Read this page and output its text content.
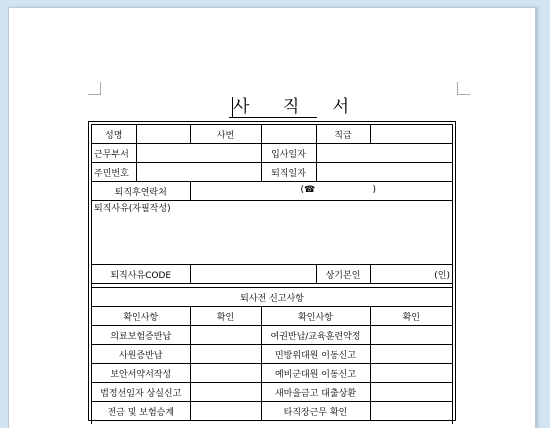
사 직 서
성명		사번		직급	
근무부서			입사일자		
주민번호			퇴직일자		
퇴직후연락처		(☎ )			

퇴직사유(자필작성)					
퇴직사유CODE				상기본인	(인)

퇴사전 신고사항			
확인사항	확인	확인사항	확인
의료보험증반납		여권반납/교육훈련약정	
사원증반납		민방위대원 이동신고	
보안서약서작성		예비군대원 이동신고	
법정선임자 상실신고		새마을금고 대출상환	
전금 및 보험승계		타직장근무 확인	
